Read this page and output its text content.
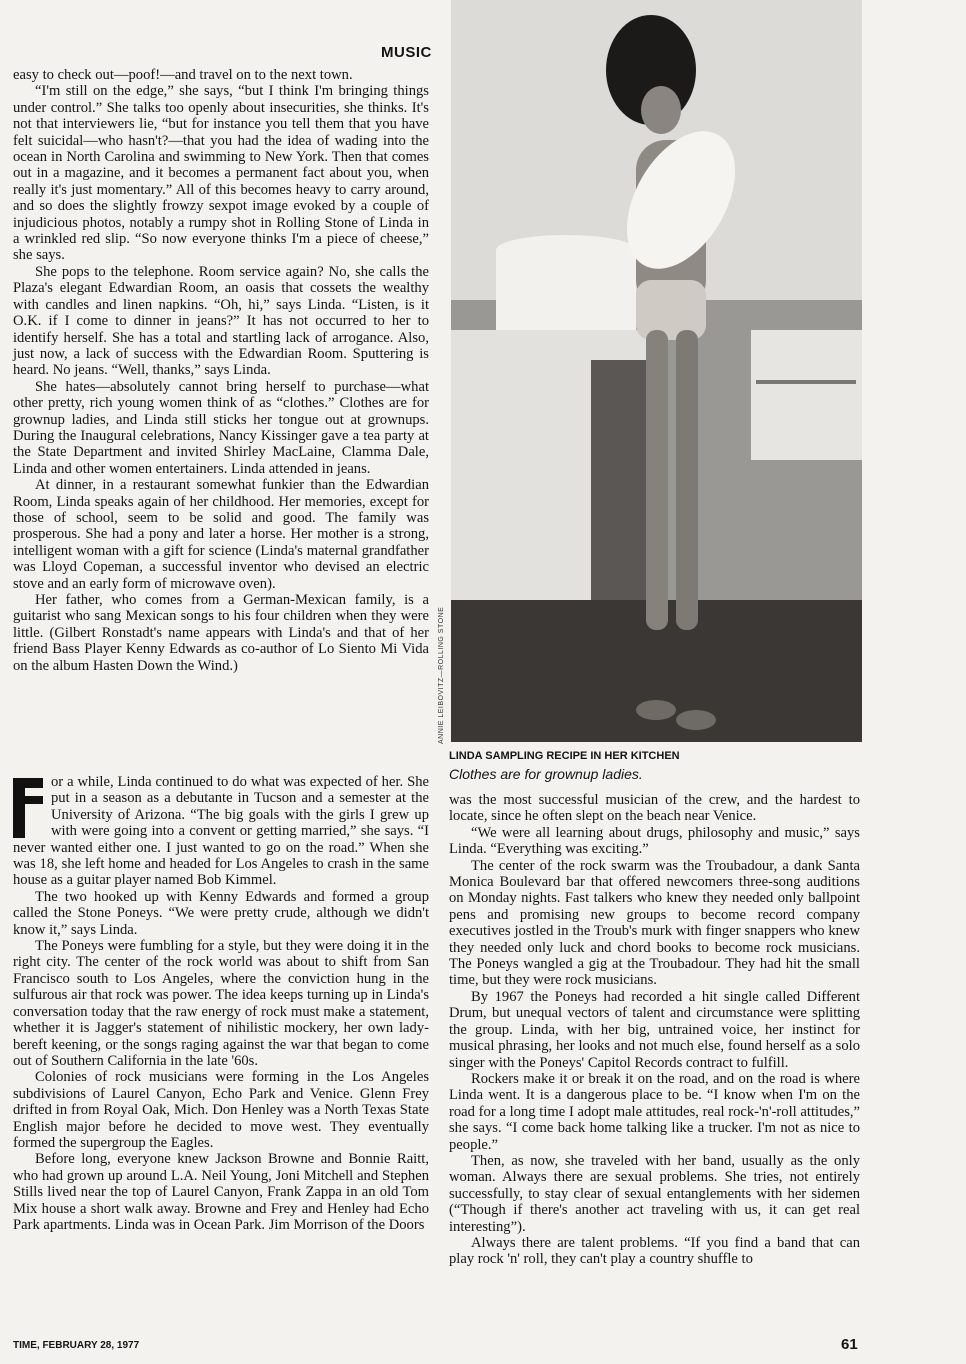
MUSIC

easy to check out—poof!—and travel on to the next town.

“I'm still on the edge,” she says, “but I think I'm bringing things under control.” She talks too openly about insecurities, she thinks. It's not that interviewers lie, “but for instance you tell them that you have felt suicidal—who hasn't?—that you had the idea of wading into the ocean in North Carolina and swimming to New York. Then that comes out in a magazine, and it becomes a permanent fact about you, when really it's just momentary.” All of this becomes heavy to carry around, and so does the slightly frowzy sexpot image evoked by a couple of injudicious photos, notably a rumpy shot in Rolling Stone of Linda in a wrinkled red slip. “So now everyone thinks I'm a piece of cheese,” she says.

She pops to the telephone. Room service again? No, she calls the Plaza's elegant Edwardian Room, an oasis that cossets the wealthy with candles and linen napkins. “Oh, hi,” says Linda. “Listen, is it O.K. if I come to dinner in jeans?” It has not occurred to her to identify herself. She has a total and startling lack of arrogance. Also, just now, a lack of success with the Edwardian Room. Sputtering is heard. No jeans. “Well, thanks,” says Linda.

She hates—absolutely cannot bring herself to purchase—what other pretty, rich young women think of as “clothes.” Clothes are for grownup ladies, and Linda still sticks her tongue out at grownups. During the Inaugural celebrations, Nancy Kissinger gave a tea party at the State Department and invited Shirley MacLaine, Clamma Dale, Linda and other women entertainers. Linda attended in jeans.

At dinner, in a restaurant somewhat funkier than the Edwardian Room, Linda speaks again of her childhood. Her memories, except for those of school, seem to be solid and good. The family was prosperous. She had a pony and later a horse. Her mother is a strong, intelligent woman with a gift for science (Linda's maternal grandfather was Lloyd Copeman, a successful inventor who devised an electric stove and an early form of microwave oven).

Her father, who comes from a German-Mexican family, is a guitarist who sang Mexican songs to his four children when they were little. (Gilbert Ronstadt's name appears with Linda's and that of her friend Bass Player Kenny Edwards as co-author of Lo Siento Mi Vida on the album Hasten Down the Wind.)

or a while, Linda continued to do what was expected of her. She put in a season as a debutante in Tucson and a semester at the University of Arizona. “The big goals with the girls I grew up with were going into a convent or getting married,” she says. “I never wanted either one. I just wanted to go on the road.” When she was 18, she left home and headed for Los Angeles to crash in the same house as a guitar player named Bob Kimmel.

The two hooked up with Kenny Edwards and formed a group called the Stone Poneys. “We were pretty crude, although we didn't know it,” says Linda.

The Poneys were fumbling for a style, but they were doing it in the right city. The center of the rock world was about to shift from San Francisco south to Los Angeles, where the conviction hung in the sulfurous air that rock was power. The idea keeps turning up in Linda's conversation today that the raw energy of rock must make a statement, whether it is Jagger's statement of nihilistic mockery, her own lady-bereft keening, or the songs raging against the war that began to come out of Southern California in the late '60s.

Colonies of rock musicians were forming in the Los Angeles subdivisions of Laurel Canyon, Echo Park and Venice. Glenn Frey drifted in from Royal Oak, Mich. Don Henley was a North Texas State English major before he decided to move west. They eventually formed the supergroup the Eagles.

Before long, everyone knew Jackson Browne and Bonnie Raitt, who had grown up around L.A. Neil Young, Joni Mitchell and Stephen Stills lived near the top of Laurel Canyon, Frank Zappa in an old Tom Mix house a short walk away. Browne and Frey and Henley had Echo Park apartments. Linda was in Ocean Park. Jim Morrison of the Doors

ANNIE LEIBOVITZ—ROLLING STONE
LINDA SAMPLING RECIPE IN HER KITCHEN
Clothes are for grownup ladies.

was the most successful musician of the crew, and the hardest to locate, since he often slept on the beach near Venice.

“We were all learning about drugs, philosophy and music,” says Linda. “Everything was exciting.”

The center of the rock swarm was the Troubadour, a dank Santa Monica Boulevard bar that offered newcomers three-song auditions on Monday nights. Fast talkers who knew they needed only ballpoint pens and promising new groups to become record company executives jostled in the Troub's murk with finger snappers who knew they needed only luck and chord books to become rock musicians. The Poneys wangled a gig at the Troubadour. They had hit the small time, but they were rock musicians.

By 1967 the Poneys had recorded a hit single called Different Drum, but unequal vectors of talent and circumstance were splitting the group. Linda, with her big, untrained voice, her instinct for musical phrasing, her looks and not much else, found herself as a solo singer with the Poneys' Capitol Records contract to fulfill.

Rockers make it or break it on the road, and on the road is where Linda went. It is a dangerous place to be. “I know when I'm on the road for a long time I adopt male attitudes, real rock-'n'-roll attitudes,” she says. “I come back home talking like a trucker. I'm not as nice to people.”

Then, as now, she traveled with her band, usually as the only woman. Always there are sexual problems. She tries, not entirely successfully, to stay clear of sexual entanglements with her sidemen (“Though if there's another act traveling with us, it can get real interesting”).

Always there are talent problems. “If you find a band that can play rock 'n' roll, they can't play a country shuffle to

TIME, FEBRUARY 28, 1977	61
